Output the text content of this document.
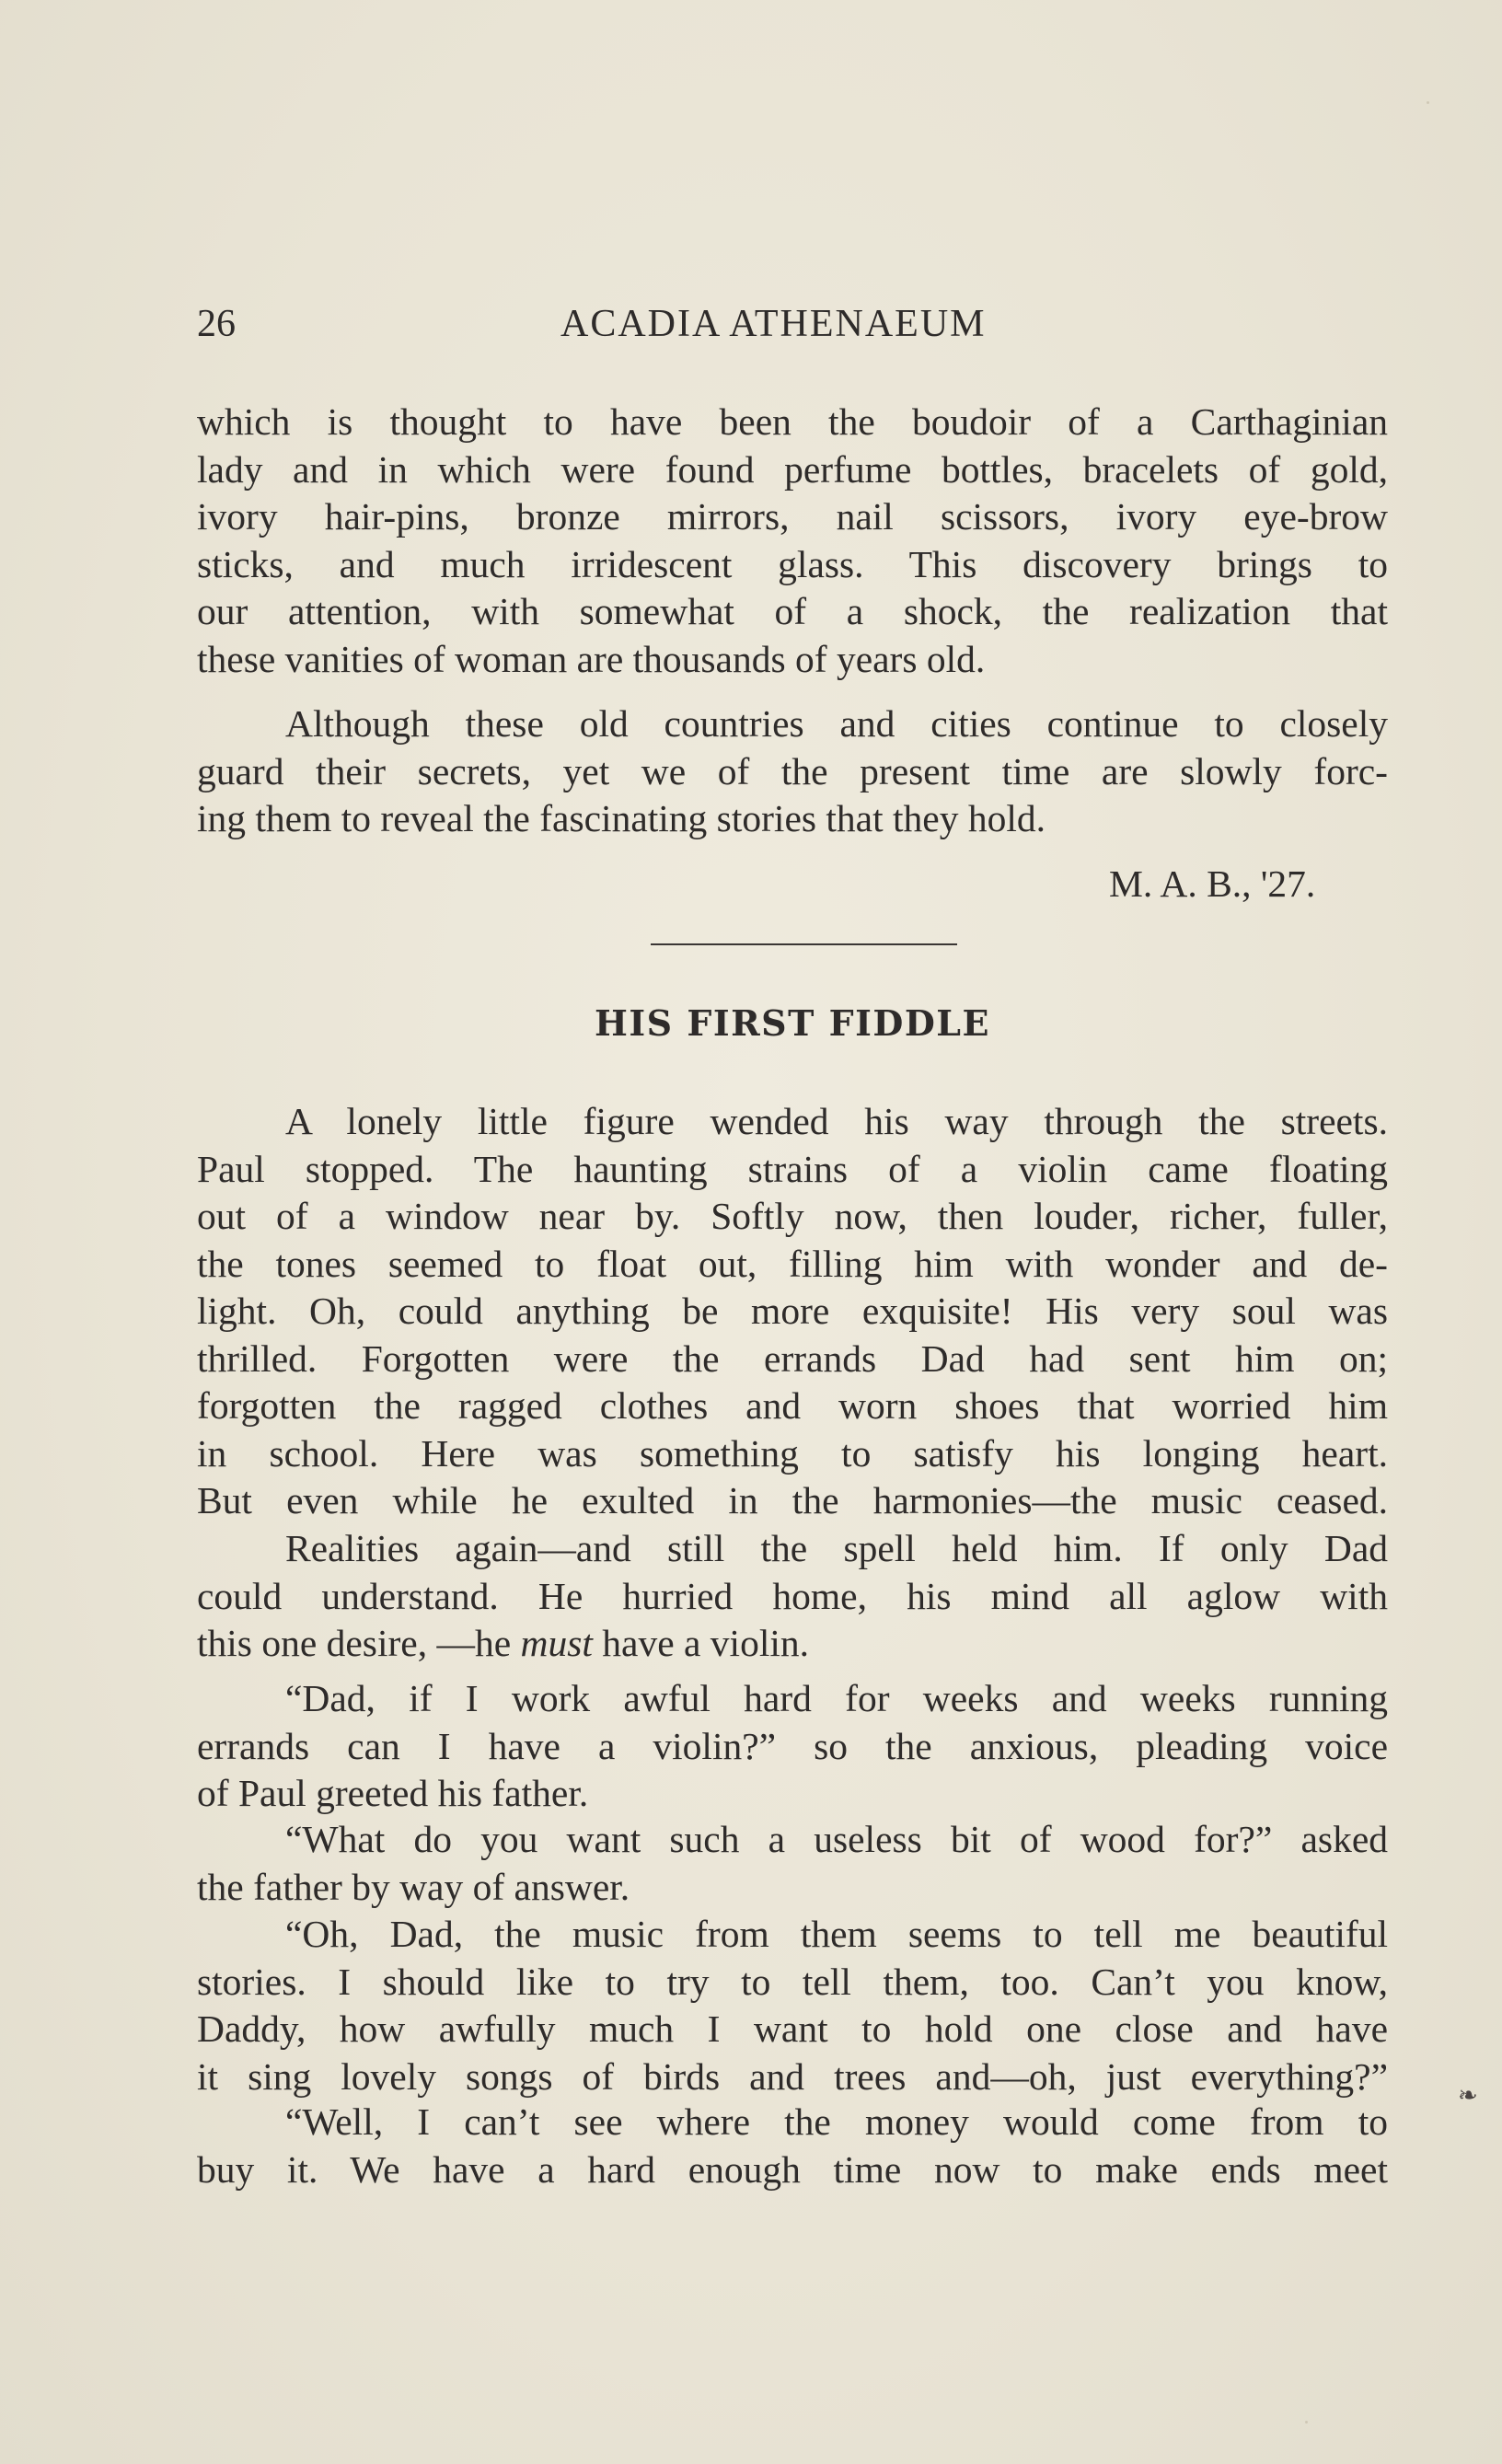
26	ACADIA ATHENAEUM
which is thought to have been the boudoir of a Carthaginian
lady and in which were found perfume bottles, bracelets of gold,
ivory hair-pins, bronze mirrors, nail scissors, ivory eye-brow
sticks, and much irridescent glass. This discovery brings to
our attention, with somewhat of a shock, the realization that
these vanities of woman are thousands of years old.
Although these old countries and cities continue to closely
guard their secrets, yet we of the present time are slowly forc-
ing them to reveal the fascinating stories that they hold.
M. A. B., '27.
HIS FIRST FIDDLE
A lonely little figure wended his way through the streets.
Paul stopped. The haunting strains of a violin came floating
out of a window near by. Softly now, then louder, richer, fuller,
the tones seemed to float out, filling him with wonder and de-
light. Oh, could anything be more exquisite! His very soul was
thrilled. Forgotten were the errands Dad had sent him on;
forgotten the ragged clothes and worn shoes that worried him
in school. Here was something to satisfy his longing heart.
But even while he exulted in the harmonies—the music ceased.
Realities again—and still the spell held him. If only Dad
could understand. He hurried home, his mind all aglow with
this one desire, —he must have a violin.
“Dad, if I work awful hard for weeks and weeks running
errands can I have a violin?” so the anxious, pleading voice
of Paul greeted his father.
“What do you want such a useless bit of wood for?” asked
the father by way of answer.
“Oh, Dad, the music from them seems to tell me beautiful
stories. I should like to try to tell them, too. Can’t you know,
Daddy, how awfully much I want to hold one close and have
it sing lovely songs of birds and trees and—oh, just everything?”
“Well, I can’t see where the money would come from to
buy it. We have a hard enough time now to make ends meet
❧
